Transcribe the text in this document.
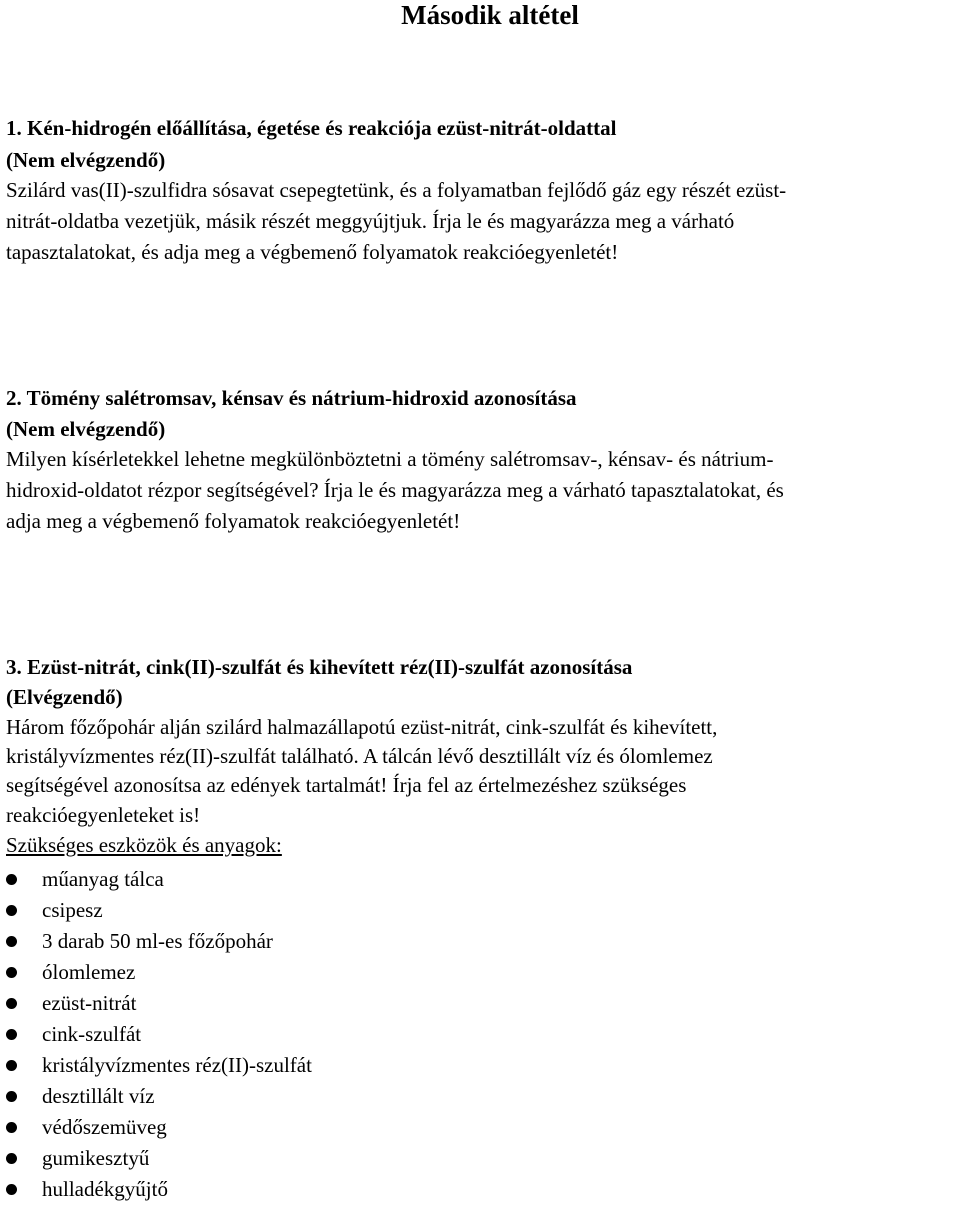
Második altétel
1. Kén-hidrogén előállítása, égetése és reakciója ezüst-nitrát-oldattal
(Nem elvégzendő)
Szilárd vas(II)-szulfidra sósavat csepegtetünk, és a folyamatban fejlődő gáz egy részét ezüst-
nitrát-oldatba vezetjük, másik részét meggyújtjuk. Írja le és magyarázza meg a várható
tapasztalatokat, és adja meg a végbemenő folyamatok reakcióegyenletét!
2. Tömény salétromsav, kénsav és nátrium-hidroxid azonosítása
(Nem elvégzendő)
Milyen kísérletekkel lehetne megkülönböztetni a tömény salétromsav-, kénsav- és nátrium-
hidroxid-oldatot rézpor segítségével? Írja le és magyarázza meg a várható tapasztalatokat, és
adja meg a végbemenő folyamatok reakcióegyenletét!
3. Ezüst-nitrát, cink(II)-szulfát és kihevített réz(II)-szulfát azonosítása
(Elvégzendő)
Három főzőpohár alján szilárd halmazállapotú ezüst-nitrát, cink-szulfát és kihevített,
kristályvízmentes réz(II)-szulfát található. A tálcán lévő desztillált víz és ólomlemez
segítségével azonosítsa az edények tartalmát! Írja fel az értelmezéshez szükséges
reakcióegyenleteket is!
Szükséges eszközök és anyagok:
műanyag tálca
csipesz
3 darab 50 ml-es főzőpohár
ólomlemez
ezüst-nitrát
cink-szulfát
kristályvízmentes réz(II)-szulfát
desztillált víz
védőszemüveg
gumikesztyű
hulladékgyűjtő
